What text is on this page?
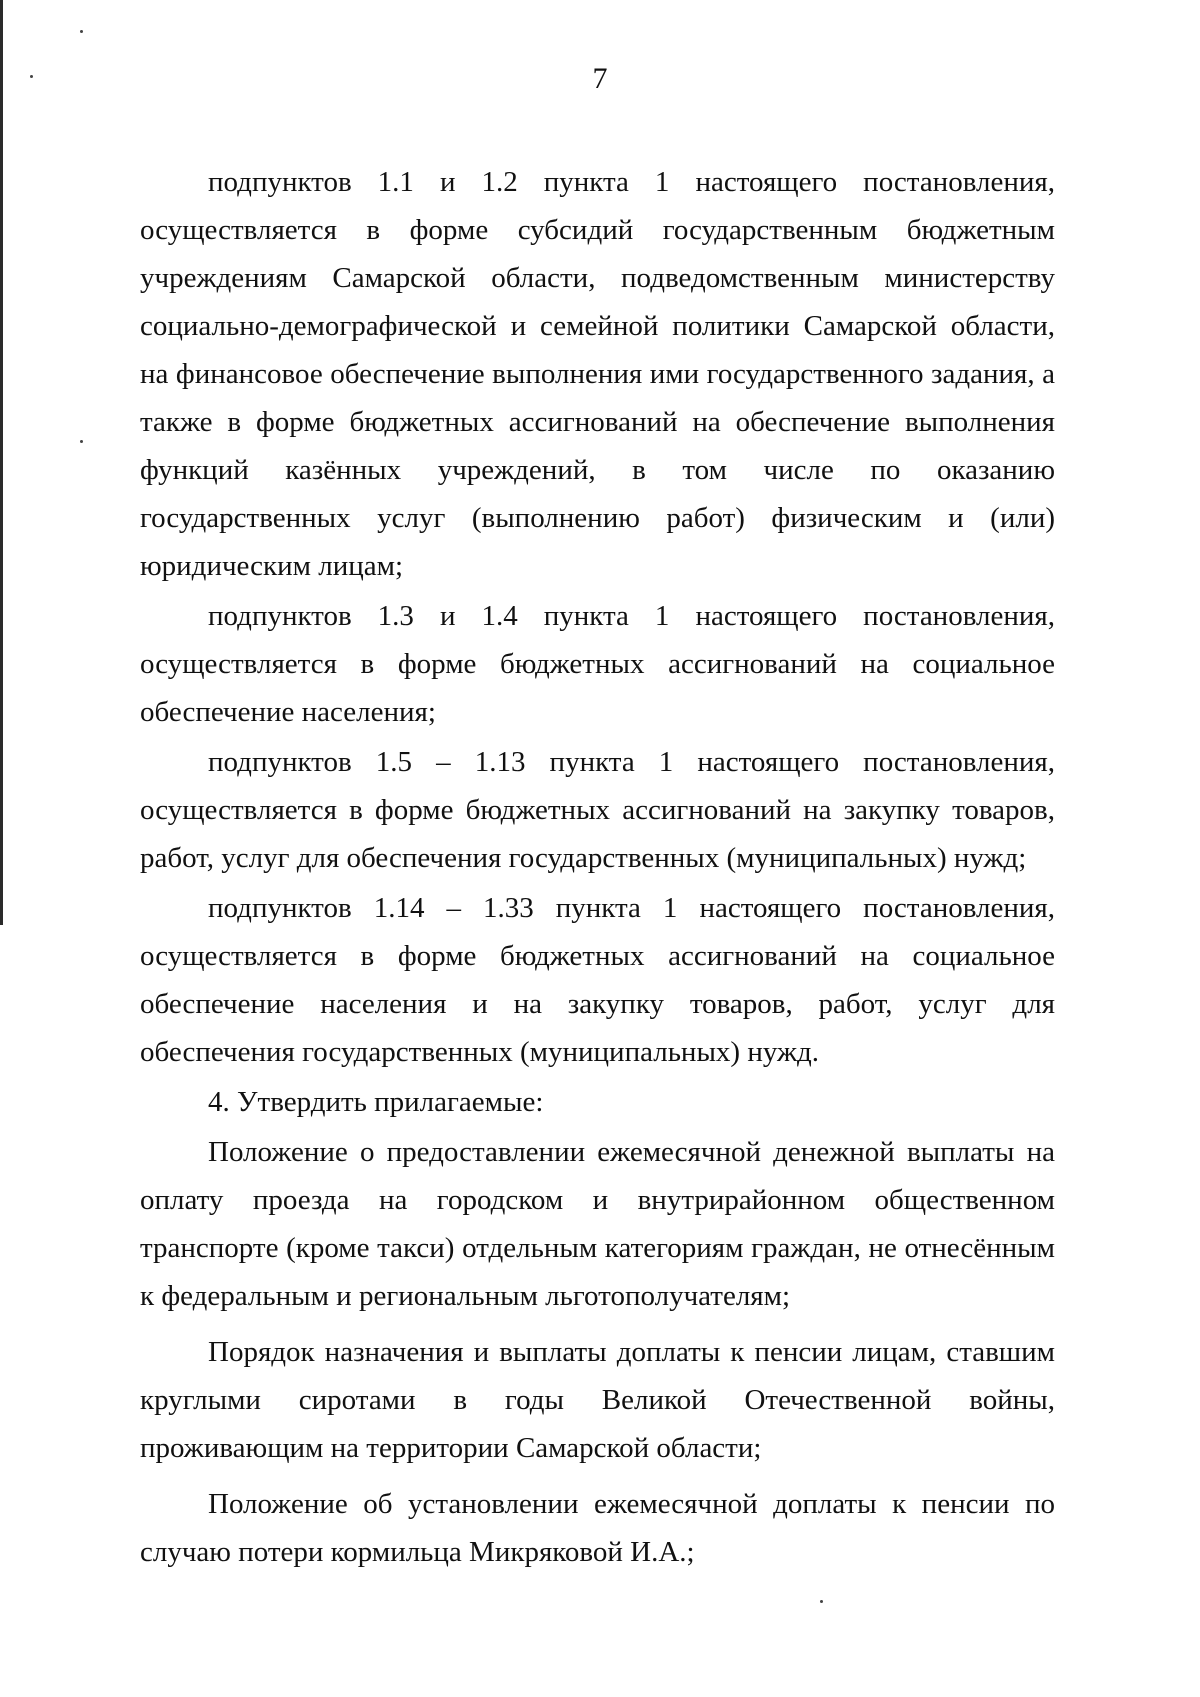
7

подпунктов 1.1 и 1.2 пункта 1 настоящего постановления, осуществляется в форме субсидий государственным бюджетным учреждениям Самарской области, подведомственным министерству социально-демографической и семейной политики Самарской области, на финансовое обеспечение выполнения ими государственного задания, а также в форме бюджетных ассигнований на обеспечение выполнения функций казённых учреждений, в том числе по оказанию государственных услуг (выполнению работ) физическим и (или) юридическим лицам;

подпунктов 1.3 и 1.4 пункта 1 настоящего постановления, осуществляется в форме бюджетных ассигнований на социальное обеспечение населения;

подпунктов 1.5 – 1.13 пункта 1 настоящего постановления, осуществляется в форме бюджетных ассигнований на закупку товаров, работ, услуг для обеспечения государственных (муниципальных) нужд;

подпунктов 1.14 – 1.33 пункта 1 настоящего постановления, осуществляется в форме бюджетных ассигнований на социальное обеспечение населения и на закупку товаров, работ, услуг для обеспечения государственных (муниципальных) нужд.

4. Утвердить прилагаемые:

Положение о предоставлении ежемесячной денежной выплаты на оплату проезда на городском и внутрирайонном общественном транспорте (кроме такси) отдельным категориям граждан, не отнесённым к федеральным и региональным льготополучателям;

Порядок назначения и выплаты доплаты к пенсии лицам, ставшим круглыми сиротами в годы Великой Отечественной войны, проживающим на территории Самарской области;

Положение об установлении ежемесячной доплаты к пенсии по случаю потери кормильца Микряковой И.А.;
